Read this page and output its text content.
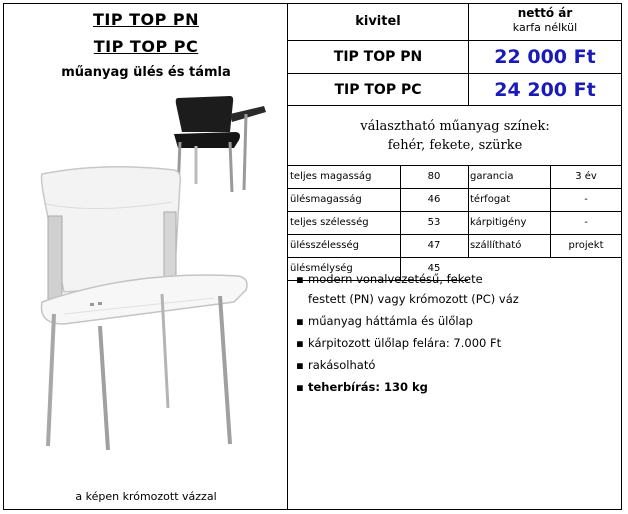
TIP TOP PN
TIP TOP PC
műanyag ülés és támla
a képen krómozott vázzal
kivitel
nettó ár
karfa nélkül
TIP TOP PN	22 000 Ft
TIP TOP PC	24 200 Ft
választható műanyag színek:
fehér, fekete, szürke
teljes magasság	80	garancia	3 év
ülésmagasság	46	térfogat	-
teljes szélesség	53	kárpitigény	-
ülésszélesség	47	szállítható	projekt
ülésmélység	45
▪ modern vonalvezetésű, fekete
festett (PN) vagy krómozott (PC) váz
▪ műanyag háttámla és ülőlap
▪ kárpitozott ülőlap felára: 7.000 Ft
▪ rakásolható
▪ teherbírás: 130 kg
